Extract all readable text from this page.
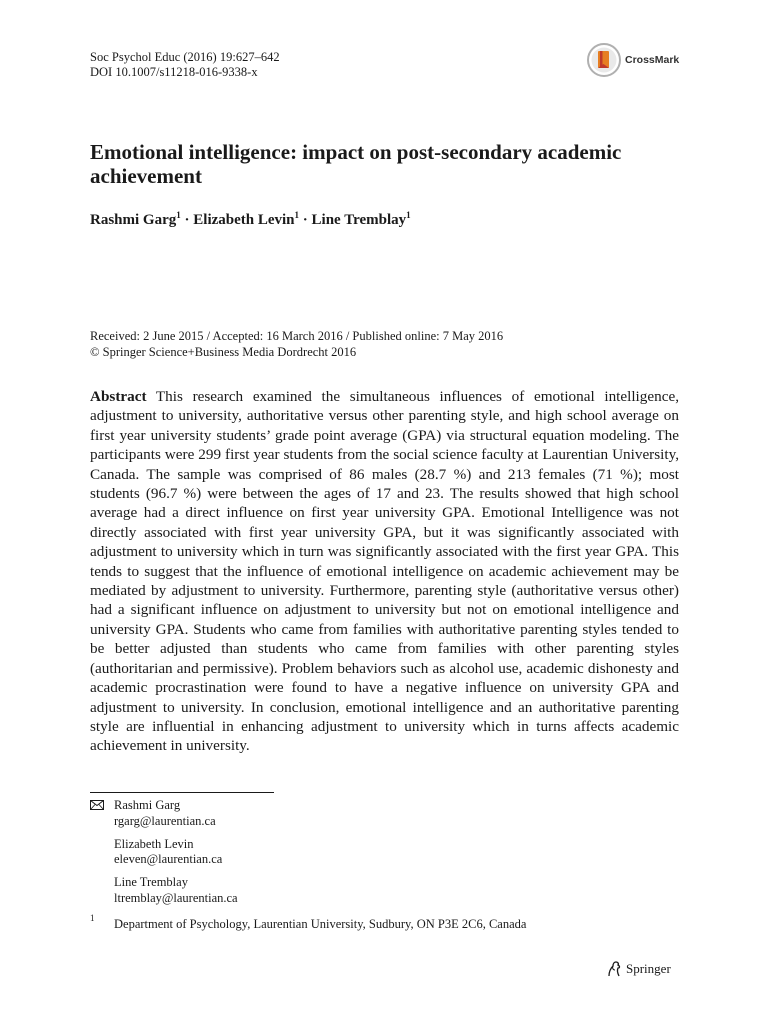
Soc Psychol Educ (2016) 19:627–642
DOI 10.1007/s11218-016-9338-x
CrossMark
Emotional intelligence: impact on post-secondary academic achievement
Rashmi Garg$^1$ · Elizabeth Levin$^1$ · Line Tremblay$^1$
Received: 2 June 2015 / Accepted: 16 March 2016 / Published online: 7 May 2016
© Springer Science+Business Media Dordrecht 2016
Abstract This research examined the simultaneous influences of emotional intelligence, adjustment to university, authoritative versus other parenting style, and high school average on first year university students’ grade point average (GPA) via structural equation modeling. The participants were 299 first year students from the social science faculty at Laurentian University, Canada. The sample was comprised of 86 males (28.7 %) and 213 females (71 %); most students (96.7 %) were between the ages of 17 and 23. The results showed that high school average had a direct influence on first year university GPA. Emotional Intelligence was not directly associated with first year university GPA, but it was significantly associated with adjustment to university which in turn was significantly associated with the first year GPA. This tends to suggest that the influence of emotional intelligence on academic achievement may be mediated by adjustment to university. Furthermore, parenting style (authoritative versus other) had a significant influence on adjustment to university but not on emotional intelligence and university GPA. Students who came from families with authoritative parenting styles tended to be better adjusted than students who came from families with other parenting styles (authoritarian and permissive). Problem behaviors such as alcohol use, academic dishonesty and academic procrastination were found to have a negative influence on university GPA and adjustment to university. In conclusion, emotional intelligence and an authoritative parenting style are influential in enhancing adjustment to university which in turns affects academic achievement in university.
Rashmi Garg
rgarg@laurentian.ca
Elizabeth Levin
eleven@laurentian.ca
Line Tremblay
ltremblay@laurentian.ca
1 Department of Psychology, Laurentian University, Sudbury, ON P3E 2C6, Canada
Springer
